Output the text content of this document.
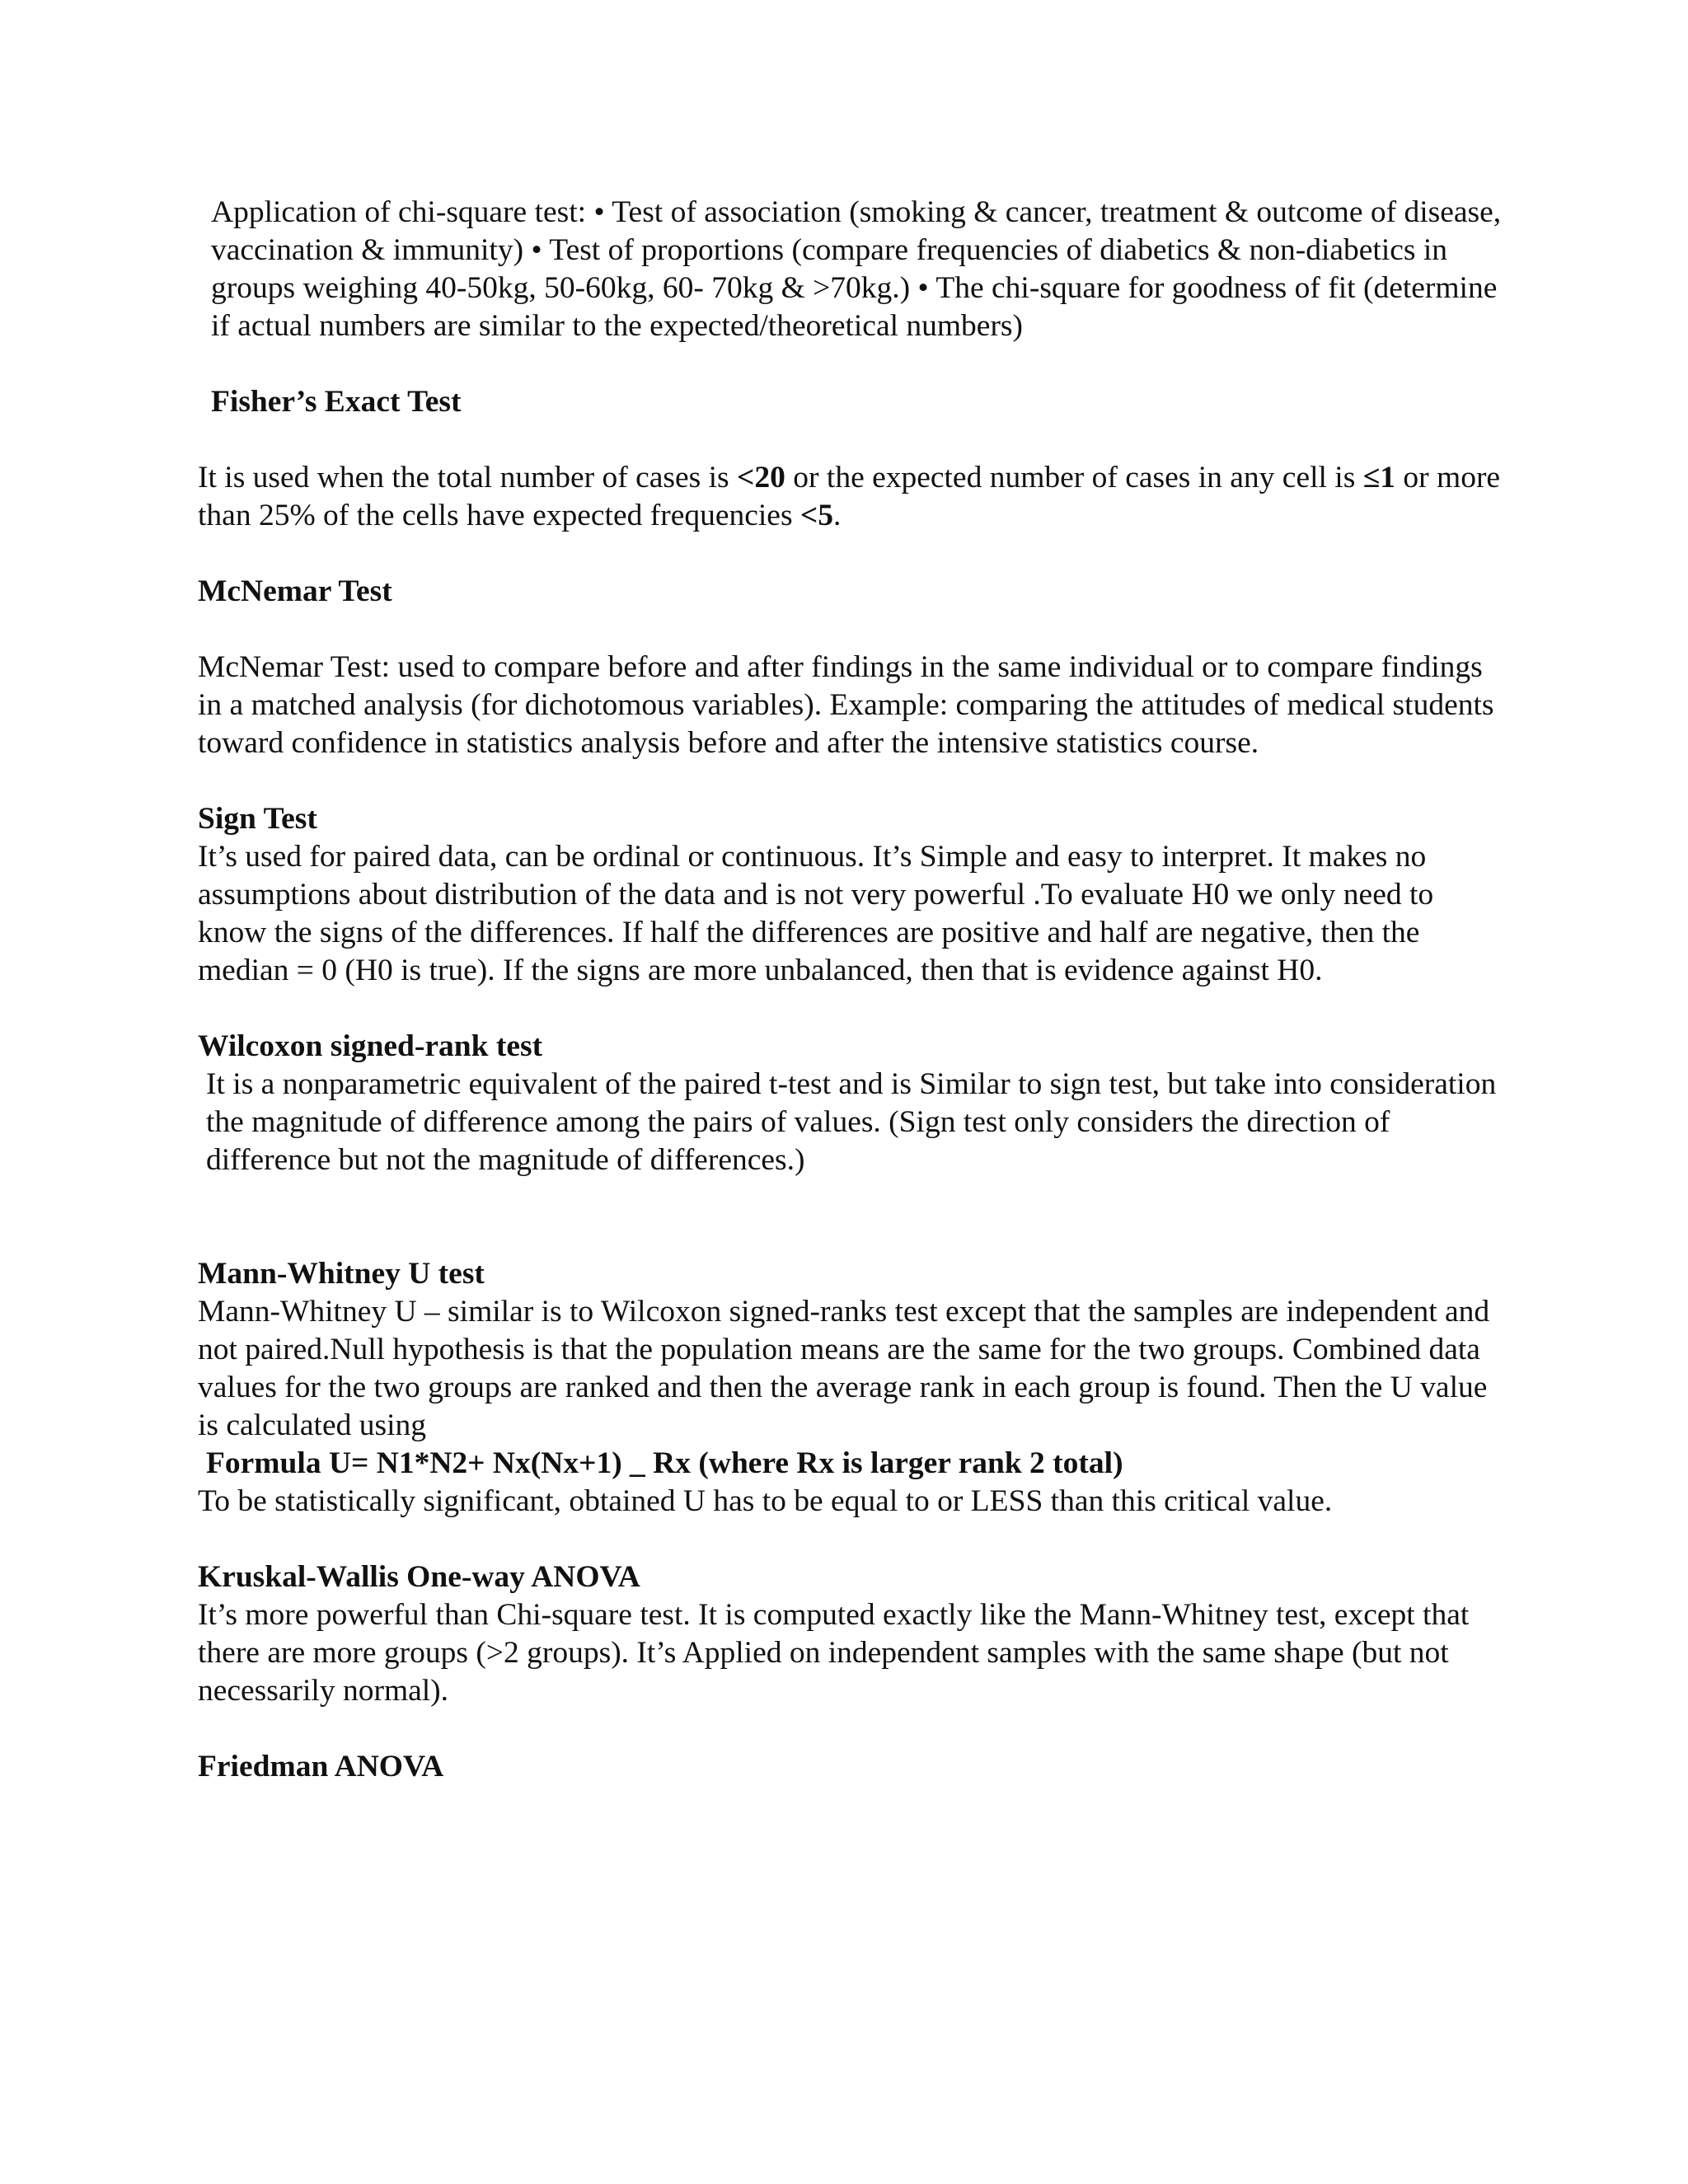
Application of chi-square test: • Test of association (smoking & cancer, treatment & outcome of disease, vaccination & immunity) • Test of proportions (compare frequencies of diabetics & non-diabetics in groups weighing 40-50kg, 50-60kg, 60- 70kg & >70kg.) • The chi-square for goodness of fit (determine if actual numbers are similar to the expected/theoretical numbers)

Fisher’s Exact Test

It is used when the total number of cases is <20 or the expected number of cases in any cell is ≤1 or more than 25% of the cells have expected frequencies <5.

McNemar Test

McNemar Test: used to compare before and after findings in the same individual or to compare findings in a matched analysis (for dichotomous variables). Example: comparing the attitudes of medical students toward confidence in statistics analysis before and after the intensive statistics course.

Sign Test

It’s used for paired data, can be ordinal or continuous. It’s Simple and easy to interpret. It makes no assumptions about distribution of the data and is not very powerful .To evaluate H0 we only need to know the signs of the differences. If half the differences are positive and half are negative, then the median = 0 (H0 is true). If the signs are more unbalanced, then that is evidence against H0.

Wilcoxon signed-rank test

It is a nonparametric equivalent of the paired t-test and is Similar to sign test, but take into consideration the magnitude of difference among the pairs of values. (Sign test only considers the direction of difference but not the magnitude of differences.)

Mann-Whitney U test

Mann-Whitney U – similar is to Wilcoxon signed-ranks test except that the samples are independent and not paired.Null hypothesis is that the population means are the same for the two groups. Combined data values for the two groups are ranked and then the average rank in each group is found. Then the U value is calculated using

Formula U= N1*N2+ Nx(Nx+1) _ Rx (where Rx is larger rank 2 total)

To be statistically significant, obtained U has to be equal to or LESS than this critical value.

Kruskal-Wallis One-way ANOVA

It’s more powerful than Chi-square test. It is computed exactly like the Mann-Whitney test, except that there are more groups (>2 groups). It’s Applied on independent samples with the same shape (but not necessarily normal).

Friedman ANOVA
